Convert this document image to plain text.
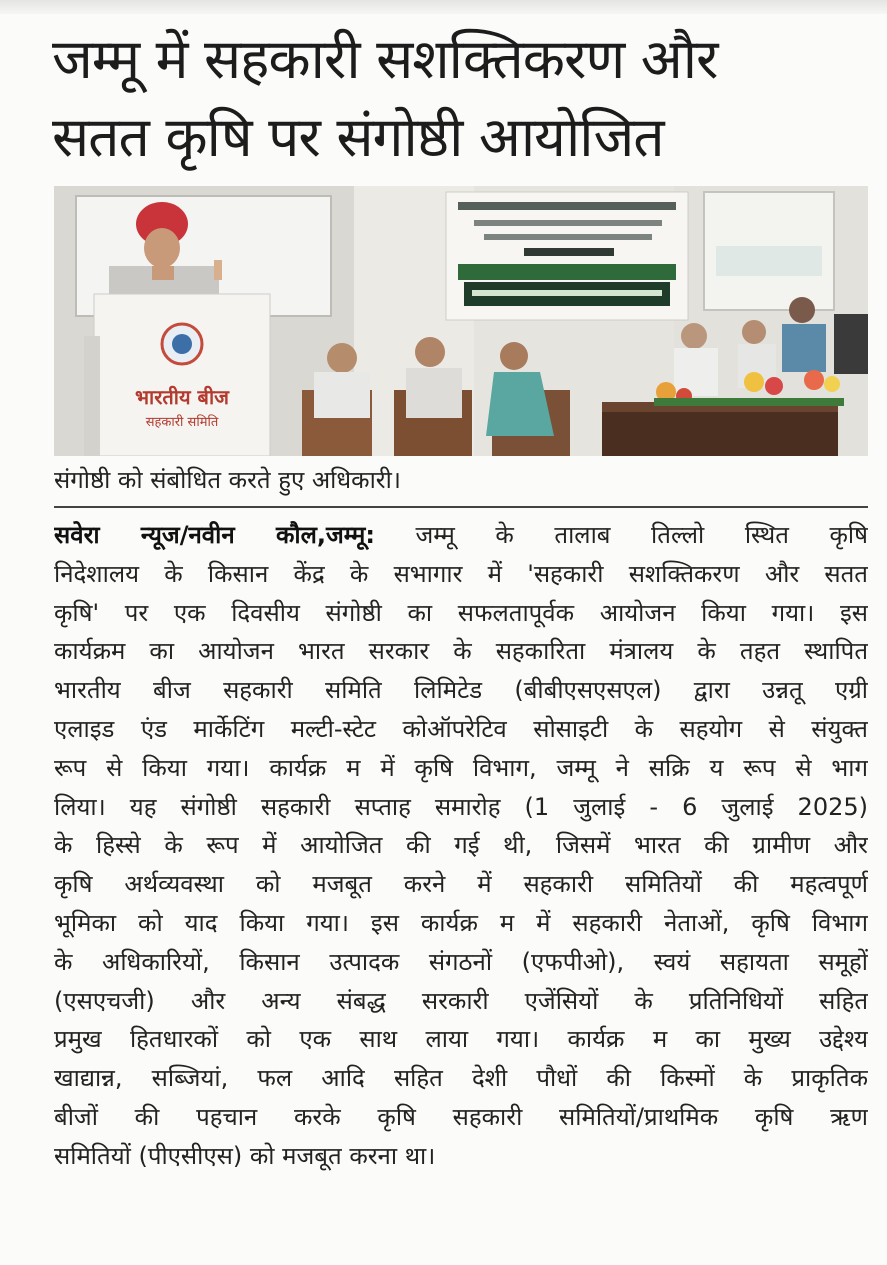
जम्मू में सहकारी सशक्तिकरण और
सतत कृषि पर संगोष्ठी आयोजित
भारतीय बीज
सहकारी समिति
संगोष्ठी को संबोधित करते हुए अधिकारी।
सवेरा न्यूज/नवीन कौल,जम्मू: जम्मू के तालाब तिल्लो स्थित कृषि
निदेशालय के किसान केंद्र के सभागार में 'सहकारी सशक्तिकरण और सतत
कृषि' पर एक दिवसीय संगोष्ठी का सफलतापूर्वक आयोजन किया गया। इस
कार्यक्रम का आयोजन भारत सरकार के सहकारिता मंत्रालय के तहत स्थापित
भारतीय बीज सहकारी समिति लिमिटेड (बीबीएसएसएल) द्वारा उन्नतू एग्री
एलाइड एंड मार्केटिंग मल्टी-स्टेट कोऑपरेटिव सोसाइटी के सहयोग से संयुक्त
रूप से किया गया। कार्यक्र म में कृषि विभाग, जम्मू ने सक्रि य रूप से भाग
लिया। यह संगोष्ठी सहकारी सप्ताह समारोह (1 जुलाई - 6 जुलाई 2025)
के हिस्से के रूप में आयोजित की गई थी, जिसमें भारत की ग्रामीण और
कृषि अर्थव्यवस्था को मजबूत करने में सहकारी समितियों की महत्वपूर्ण
भूमिका को याद किया गया। इस कार्यक्र म में सहकारी नेताओं, कृषि विभाग
के अधिकारियों, किसान उत्पादक संगठनों (एफपीओ), स्वयं सहायता समूहों
(एसएचजी) और अन्य संबद्ध सरकारी एजेंसियों के प्रतिनिधियों सहित
प्रमुख हितधारकों को एक साथ लाया गया। कार्यक्र म का मुख्य उद्देश्य
खाद्यान्न, सब्जियां, फल आदि सहित देशी पौधों की किस्मों के प्राकृतिक
बीजों की पहचान करके कृषि सहकारी समितियों/प्राथमिक कृषि ऋण
समितियों (पीएसीएस) को मजबूत करना था।
